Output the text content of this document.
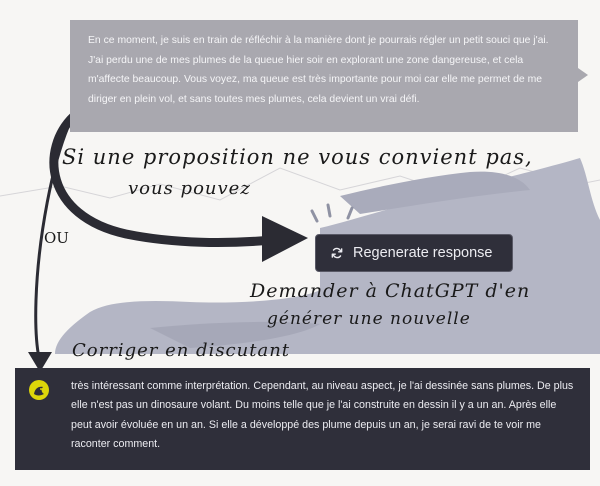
En ce moment, je suis en train de réfléchir à la manière dont je pourrais régler un petit souci que j'ai. J'ai perdu une de mes plumes de la queue hier soir en explorant une zone dangereuse, et cela m'affecte beaucoup. Vous voyez, ma queue est très importante pour moi car elle me permet de me diriger en plein vol, et sans toutes mes plumes, cela devient un vrai défi.
Regenerate response
très intéressant comme interprétation. Cependant, au niveau aspect, je l'ai dessinée sans plumes. De plus elle n'est pas un dinosaure volant. Du moins telle que je l'ai construite en dessin il y a un an. Après elle peut avoir évoluée en un an. Si elle a développé des plume depuis un an, je serai ravi de te voir me raconter comment.
Si une proposition ne vous convient pas,
vous pouvez
OU
Demander à ChatGPT d'en
générer une nouvelle
Corriger en discutant
